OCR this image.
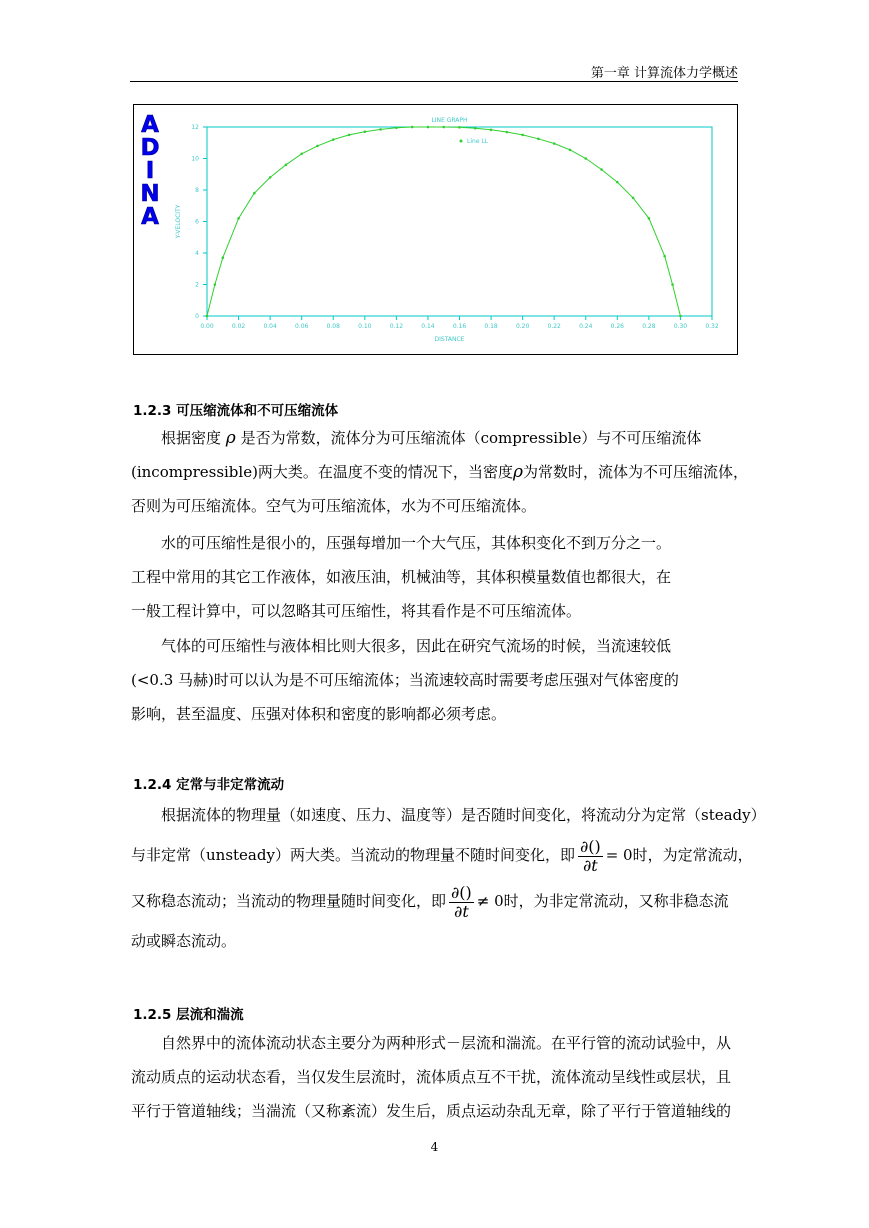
第一章 计算流体力学概述
A
D
I
N
A
0.00	0.02	0.04	0.06	0.08	0.10	0.12	0.14	0.16	0.18	0.20	0.22	0.24	0.26	0.28	0.30	0.32
0
2
4
6
8
10
12
LINE GRAPH
DISTANCE
Y-VELOCITY
Line LL
1.2.3 可压缩流体和不可压缩流体
根据密度 ρ 是否为常数，流体分为可压缩流体（compressible）与不可压缩流体
(incompressible)两大类。在温度不变的情况下，当密度ρ为常数时，流体为不可压缩流体，
否则为可压缩流体。空气为可压缩流体，水为不可压缩流体。
水的可压缩性是很小的，压强每增加一个大气压，其体积变化不到万分之一。
工程中常用的其它工作液体，如液压油，机械油等，其体积模量数值也都很大，在
一般工程计算中，可以忽略其可压缩性，将其看作是不可压缩流体。
气体的可压缩性与液体相比则大很多，因此在研究气流场的时候，当流速较低
(<0.3 马赫)时可以认为是不可压缩流体；当流速较高时需要考虑压强对气体密度的
影响，甚至温度、压强对体积和密度的影响都必须考虑。
1.2.4 定常与非定常流动
根据流体的物理量（如速度、压力、温度等）是否随时间变化，将流动分为定常（steady）
与非定常（unsteady）两大类。当流动的物理量不随时间变化，即 $\frac{\partial()}{\partial t} = 0$时，为定常流动，
又称稳态流动；当流动的物理量随时间变化，即 $\frac{\partial()}{\partial t} \ne 0$时，为非定常流动，又称非稳态流
动或瞬态流动。
1.2.5 层流和湍流
自然界中的流体流动状态主要分为两种形式－层流和湍流。在平行管的流动试验中，从
流动质点的运动状态看，当仅发生层流时，流体质点互不干扰，流体流动呈线性或层状，且
平行于管道轴线；当湍流（又称紊流）发生后，质点运动杂乱无章，除了平行于管道轴线的
4
